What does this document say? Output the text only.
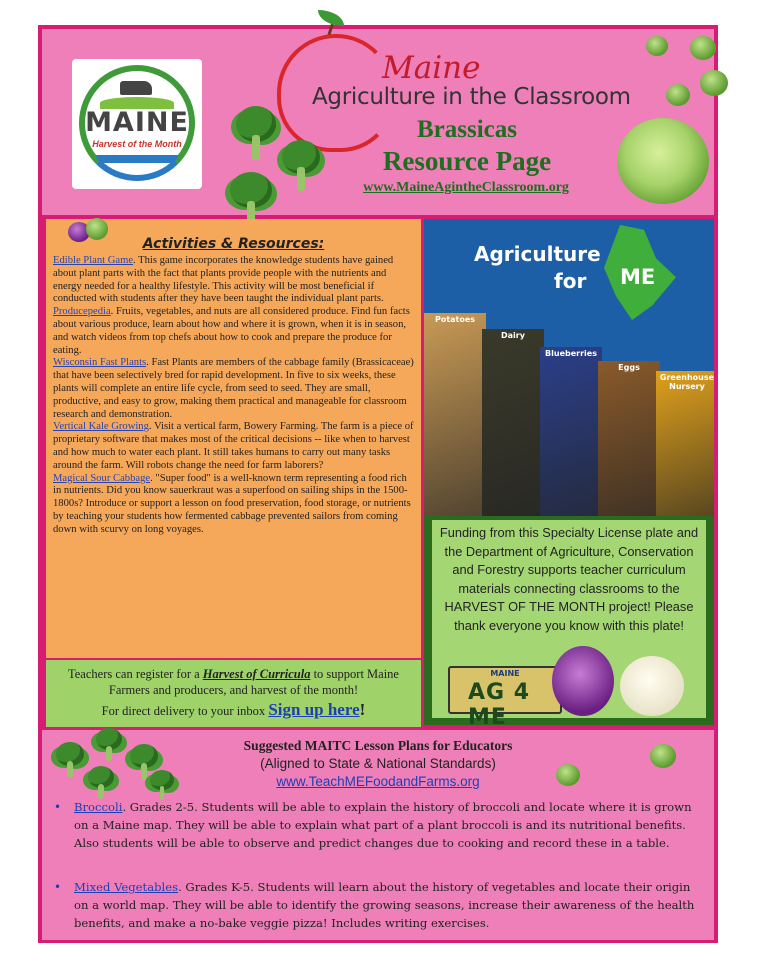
MAINE
Harvest of the Month
Maine
Agriculture in the Classroom
Brassicas
Resource Page
www.MaineAgintheClassroom.org
Activities & Resources:
Edible Plant Game. This game incorporates the knowledge students have gained about plant parts with the fact that plants provide people with the nutrients and energy needed for a healthy lifestyle. This activity will be most beneficial if conducted with students after they have been taught the individual plant parts.
Producepedia. Fruits, vegetables, and nuts are all considered produce. Find fun facts about various produce, learn about how and where it is grown, when it is in season, and watch videos from top chefs about how to cook and prepare the produce for eating.
Wisconsin Fast Plants. Fast Plants are members of the cabbage family (Brassicaceae) that have been selectively bred for rapid development. In five to six weeks, these plants will complete an entire life cycle, from seed to seed. They are small, productive, and easy to grow, making them practical and manageable for classroom research and demonstration.
Vertical Kale Growing. Visit a vertical farm, Bowery Farming. The farm is a piece of proprietary software that makes most of the critical decisions -- like when to harvest and how much to water each plant. It still takes humans to carry out many tasks around the farm. Will robots change the need for farm laborers?
Magical Sour Cabbage. "Super food" is a well-known term representing a food rich in nutrients. Did you know sauerkraut was a superfood on sailing ships in the 1500-1800s? Introduce or support a lesson on food preservation, food storage, or nutrients by teaching your students how fermented cabbage prevented sailors from coming down with scurvy on long voyages.
Teachers can register for a Harvest of Curricula to support Maine Farmers and producers, and harvest of the month!
For direct delivery to your inbox Sign up here!
Agriculture
for ME
Potatoes
Dairy
Blueberries
Eggs
Greenhouse Nursery
Funding from this Specialty License plate and the Department of Agriculture, Conservation and Forestry supports teacher curriculum materials connecting classrooms to the HARVEST OF THE MONTH project! Please thank everyone you know with this plate!
MAINE
AG 4 ME
Suggested MAITC Lesson Plans for Educators
(Aligned to State & National Standards)
www.TeachMEFoodandFarms.org
• Broccoli. Grades 2-5. Students will be able to explain the history of broccoli and locate where it is grown on a Maine map. They will be able to explain what part of a plant broccoli is and its nutritional benefits. Also students will be able to observe and predict changes due to cooking and record these in a table.
• Mixed Vegetables. Grades K-5. Students will learn about the history of vegetables and locate their origin on a world map. They will be able to identify the growing seasons, increase their awareness of the health benefits, and make a no-bake veggie pizza! Includes writing exercises.
